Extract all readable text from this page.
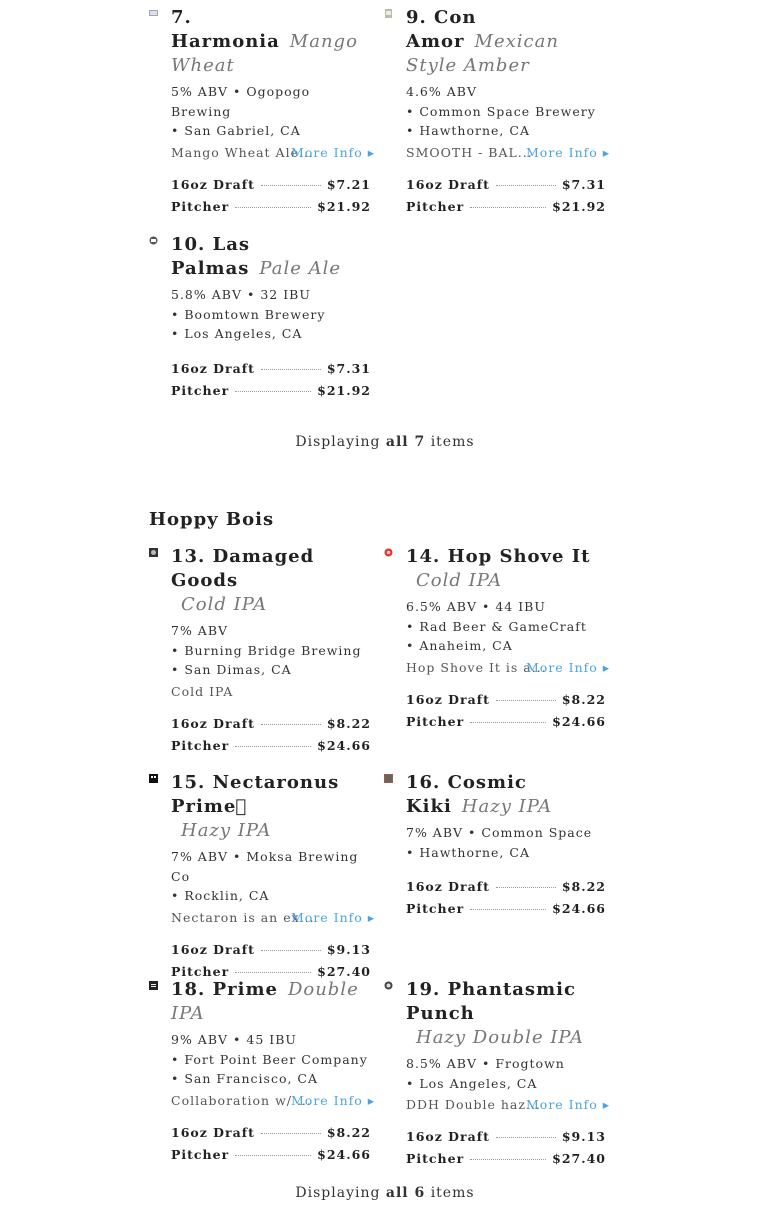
7. Harmonia Mango Wheat
5% ABV • Ogopogo Brewing
• San Gabriel, CA
Mango Wheat Ale...
More Info ▸
16oz Draft	$7.21
Pitcher	$21.92
9. Con Amor Mexican Style Amber
4.6% ABV
• Common Space Brewery
• Hawthorne, CA
SMOOTH - BAL...
More Info ▸
16oz Draft	$7.31
Pitcher	$21.92
10. Las Palmas Pale Ale
5.8% ABV • 32 IBU
• Boomtown Brewery
• Los Angeles, CA
16oz Draft	$7.31
Pitcher	$21.92
Displaying all 7 items
Hoppy Bois
13. Damaged Goods
Cold IPA
7% ABV
• Burning Bridge Brewing
• San Dimas, CA
Cold IPA
16oz Draft	$8.22
Pitcher	$24.66
14. Hop Shove It
Cold IPA
6.5% ABV • 44 IBU
• Rad Beer & GameCraft
• Anaheim, CA
Hop Shove It is a...
More Info ▸
16oz Draft	$8.22
Pitcher	$24.66
15. Nectaronus Prime
Hazy IPA
7% ABV • Moksa Brewing Co
• Rocklin, CA
Nectaron is an ex...
More Info ▸
16oz Draft	$9.13
Pitcher	$27.40
16. Cosmic Kiki Hazy IPA
7% ABV • Common Space
• Hawthorne, CA
16oz Draft	$8.22
Pitcher	$24.66
18. Prime Double IPA
9% ABV • 45 IBU
• Fort Point Beer Company
• San Francisco, CA
Collaboration w/ ...
More Info ▸
16oz Draft	$8.22
Pitcher	$24.66
19. Phantasmic Punch
Hazy Double IPA
8.5% ABV • Frogtown
• Los Angeles, CA
DDH Double haz...
More Info ▸
16oz Draft	$9.13
Pitcher	$27.40
Displaying all 6 items
